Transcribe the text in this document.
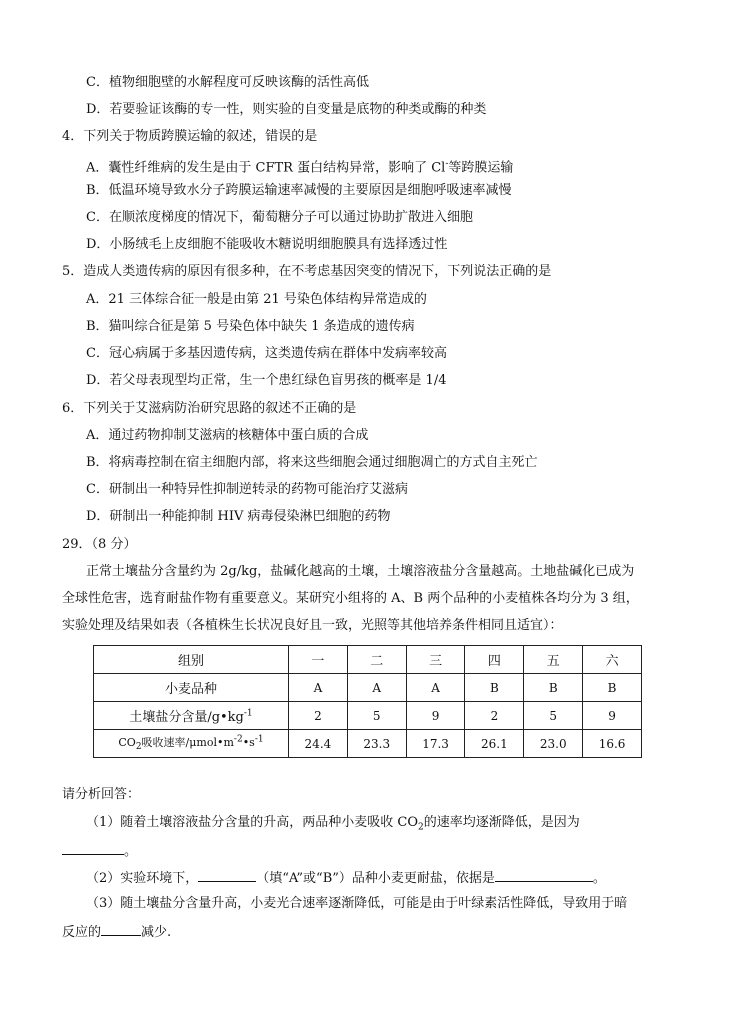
C．植物细胞壁的水解程度可反映该酶的活性高低
D．若要验证该酶的专一性，则实验的自变量是底物的种类或酶的种类
4．下列关于物质跨膜运输的叙述，错误的是
A．囊性纤维病的发生是由于 CFTR 蛋白结构异常，影响了 Cl-等跨膜运输
B．低温环境导致水分子跨膜运输速率减慢的主要原因是细胞呼吸速率减慢
C．在顺浓度梯度的情况下，葡萄糖分子可以通过协助扩散进入细胞
D．小肠绒毛上皮细胞不能吸收木糖说明细胞膜具有选择透过性
5．造成人类遗传病的原因有很多种，在不考虑基因突变的情况下，下列说法正确的是
A．21 三体综合征一般是由第 21 号染色体结构异常造成的
B．猫叫综合征是第 5 号染色体中缺失 1 条造成的遗传病
C．冠心病属于多基因遗传病，这类遗传病在群体中发病率较高
D．若父母表现型均正常，生一个患红绿色盲男孩的概率是 1/4
6．下列关于艾滋病防治研究思路的叙述不正确的是
A．通过药物抑制艾滋病的核糖体中蛋白质的合成
B．将病毒控制在宿主细胞内部，将来这些细胞会通过细胞凋亡的方式自主死亡
C．研制出一种特异性抑制逆转录的药物可能治疗艾滋病
D．研制出一种能抑制 HIV 病毒侵染淋巴细胞的药物
29．（8 分）
正常土壤盐分含量约为 2g/kg，盐碱化越高的土壤，土壤溶液盐分含量越高。土地盐碱化已成为
全球性危害，选育耐盐作物有重要意义。某研究小组将的 A、B 两个品种的小麦植株各均分为 3 组，
实验处理及结果如表（各植株生长状况良好且一致，光照等其他培养条件相同且适宜）：
组别	一	二	三	四	五	六
小麦品种	A	A	A	B	B	B
土壤盐分含量$/g•kg^{-1}$	2	5	9	2	5	9
$CO_2$吸收速率$/\mu mol•m^{-2}•s^{-1}$	24.4	23.3	17.3	26.1	23.0	16.6
请分析回答：
（1）随着土壤溶液盐分含量的升高，两品种小麦吸收 $CO_2$的速率均逐渐降低，是因为
。
（2）实验环境下，	（填“A”或“B”）品种小麦更耐盐，依据是	。
（3）随土壤盐分含量升高，小麦光合速率逐渐降低，可能是由于叶绿素活性降低，导致用于暗
反应的	减少.
